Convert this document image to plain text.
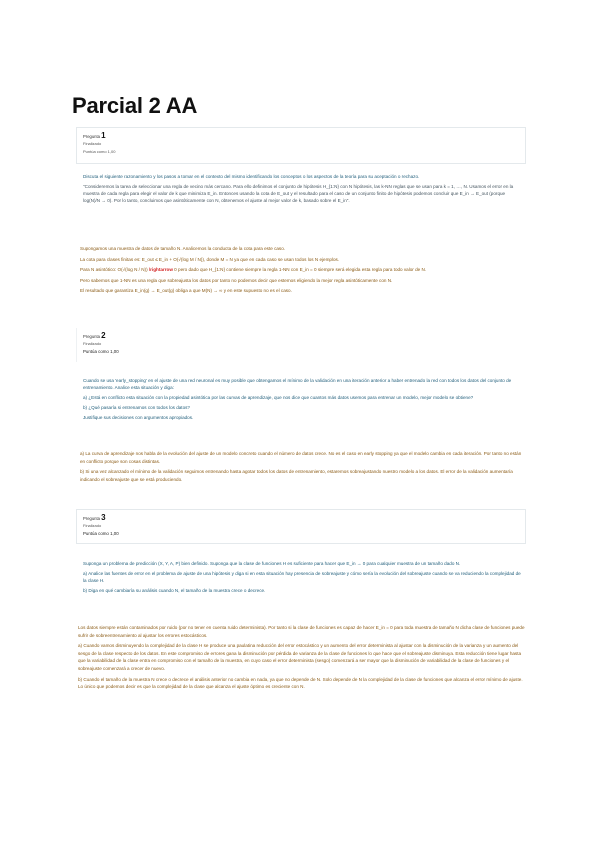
Parcial 2 AA
Pregunta 1
Finalizado
Puntúa como 1,00

Discuta el siguiente razonamiento y los pasos a tomar en el contexto del mismo identificando los conceptos o los aspectos de la teoría para su aceptación o rechazo.

"Consideremos la tarea de seleccionar una regla de vecino más cercano. Para ello definimos el conjunto de hipótesis H_{1:N} con N hipótesis, las k-NN reglas que se usan para k = 1, …, N. Usamos el error en la muestra de cada regla para elegir el valor de k que minimiza E_in. Entonces usando la cota de E_out y el resultado para el caso de un conjunto finito de hipótesis podemos concluir que E_in → E_out (porque log(N)/N → 0). Por lo tanto, concluimos que asintóticamente con N, obtenemos el ajuste al mejor valor de k, basado sobre el E_in".

Supongamos una muestra de datos de tamaño N. Analicemos la conducta de la cota para este caso.

La cota para clases finitas es: E_out ≤ E_in + O(√(log M / N)), donde M = N ya que en cada caso se usan todos los N ejemplos.

Para N asintótico: O(√(log N / N)) \rightarrow 0 pero dado que H_{1:N} contiene siempre la regla 1-NN con E_in = 0 siempre será elegida esta regla para todo valor de N.

Pero sabemos que 1-NN es una regla que sobreajusta los datos por tanto no podemos decir que estemos eligiendo la mejor regla asintóticamente con N.

El resultado que garantiza E_in(g) → E_out(g) obliga a que M(N) → ∞ y en este supuesto no es el caso.

Pregunta 2
Finalizado
Puntúa como 1,00

Cuando se usa 'early_stopping' en el ajuste de una red neuronal es muy posible que obtengamos el mínimo de la validación en una iteración anterior a haber entrenado la red con todos los datos del conjunto de entrenamiento. Analice esta situación y diga:

a) ¿Está en conflicto esta situación con la propiedad asintótica por las curvas de aprendizaje, que nos dice que cuantos más datos usemos para entrenar un modelo, mejor modelo se obtiene?

b) ¿Qué pasaría si entrenamos con todos los datos?

Justifique sus decisiones con argumentos apropiados.

a) La curva de aprendizaje nos habla de la evolución del ajuste de un modelo concreto cuando el número de datos crece. No es el caso en early stopping ya que el modelo cambia en cada iteración. Por tanto no están en conflicto porque son cosas distintas.

b) Si una vez alcanzado el mínimo de la validación seguimos entrenando hasta agotar todos los datos de entrenamiento, estaremos sobreajustando nuestro modelo a los datos. El error de la validación aumentaría indicando el sobreajuste que se está produciendo.

Pregunta 3
Finalizado
Puntúa como 1,00

Suponga un problema de predicción (X, Y, A, P) bien definido. Suponga que la clase de funciones H es suficiente para hacer que E_in → 0 para cualquier muestra de un tamaño dado N.

a) Analice las fuentes de error en el problema de ajuste de una hipótesis y diga si en esta situación hay presencia de sobreajuste y cómo sería la evolución del sobreajuste cuando se va reduciendo la complejidad de la clase H.

b) Diga en qué cambiaría su análisis cuando N, el tamaño de la muestra crece o decrece.

Los datos siempre están contaminados por ruido (por no tener en cuenta ruido determinista). Por tanto si la clase de funciones es capaz de hacer E_in = 0 para toda muestra de tamaño N dicha clase de funciones puede sufrir de sobreentrenamiento al ajustar los errores estocásticos.

a) Cuando vamos disminuyendo la complejidad de la clase H se produce una paulatina reducción del error estocástico y un aumento del error determinista al ajustar con la disminución de la varianza y un aumento del sesgo de la clase respecto de los datos. En este compromiso de errores gana la disminución por pérdida de varianza de la clase de funciones lo que hace que el sobreajuste disminuya. Esta reducción tiene lugar hasta que la variabilidad de la clase entra en compromiso con el tamaño de la muestra, en cuyo caso el error determinista (sesgo) comenzará a ser mayor que la disminución de variabilidad de la clase de funciones y el sobreajuste comenzará a crecer de nuevo.

b) Cuando el tamaño de la muestra N crece o decrece el análisis anterior no cambia en nada, ya que no depende de N. Solo depende de N la complejidad de la clase de funciones que alcanza el error mínimo de ajuste. Lo único que podemos decir es que la complejidad de la clase que alcanza el ajuste óptimo es creciente con N.
